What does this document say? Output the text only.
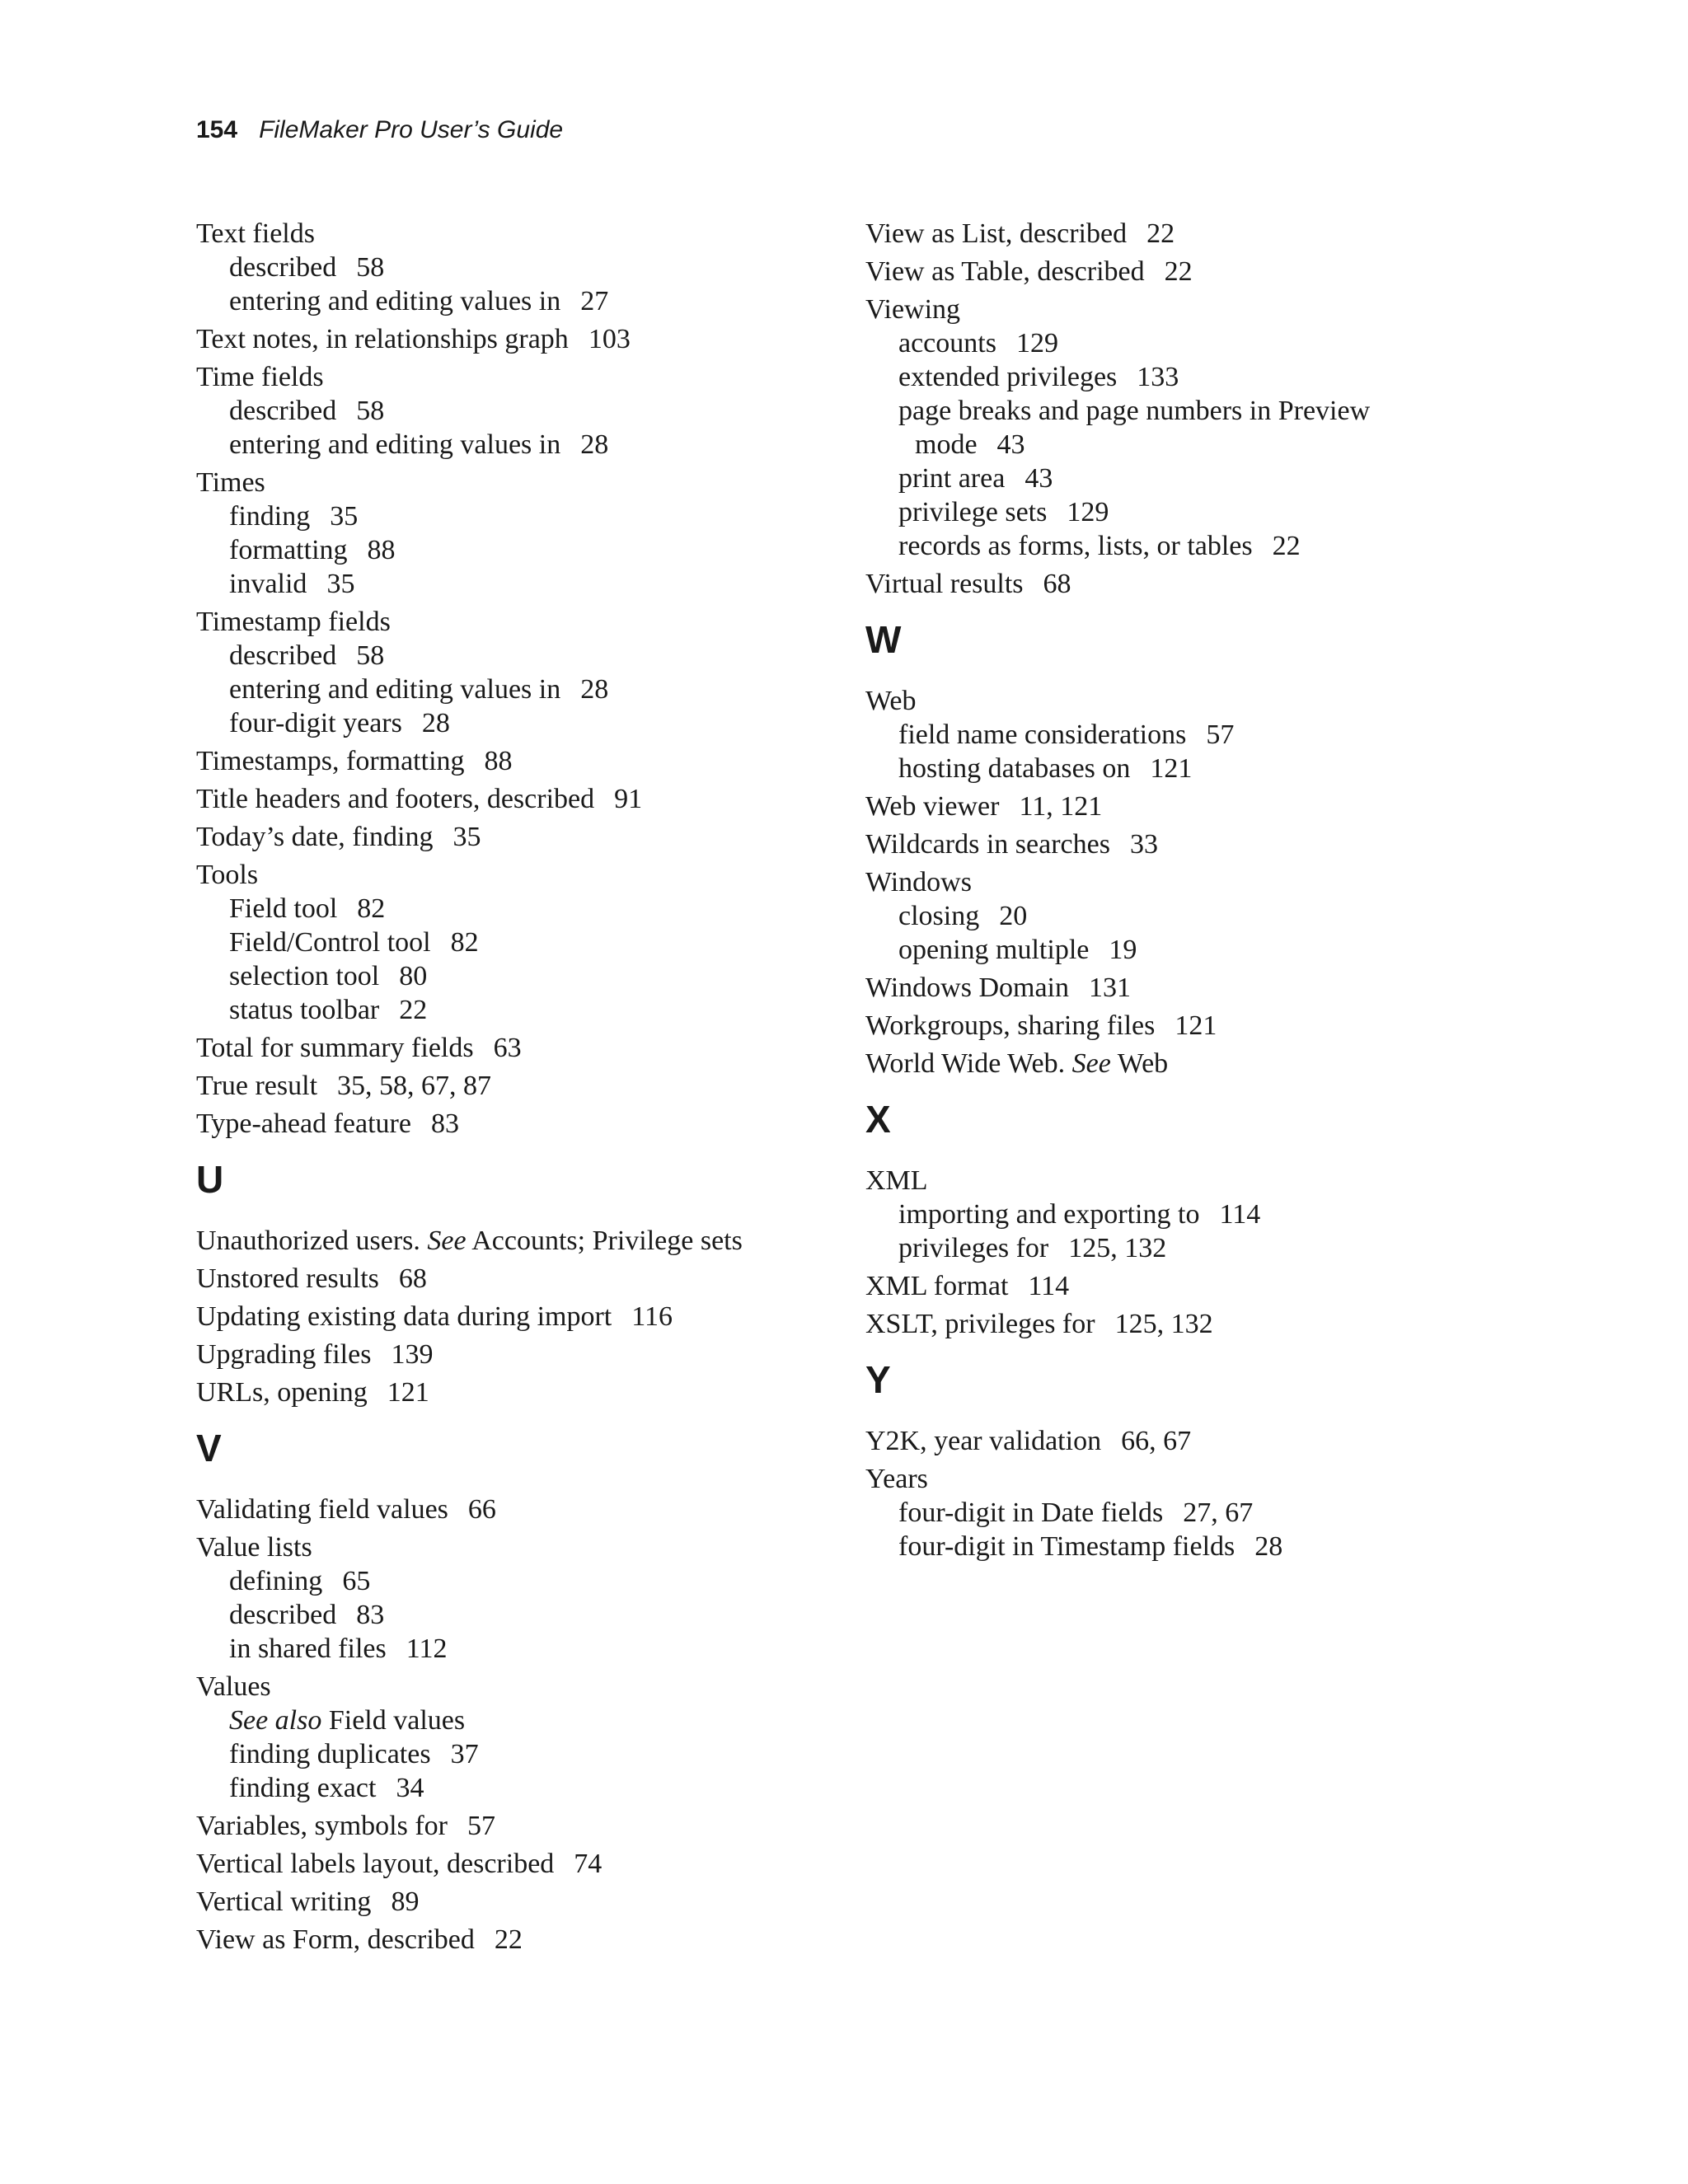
154 FileMaker Pro User’s Guide
Text fields
described 58
entering and editing values in 27
Text notes, in relationships graph 103
Time fields
described 58
entering and editing values in 28
Times
finding 35
formatting 88
invalid 35
Timestamp fields
described 58
entering and editing values in 28
four-digit years 28
Timestamps, formatting 88
Title headers and footers, described 91
Today’s date, finding 35
Tools
Field tool 82
Field/Control tool 82
selection tool 80
status toolbar 22
Total for summary fields 63
True result 35, 58, 67, 87
Type-ahead feature 83
U
Unauthorized users. See Accounts; Privilege sets
Unstored results 68
Updating existing data during import 116
Upgrading files 139
URLs, opening 121
V
Validating field values 66
Value lists
defining 65
described 83
in shared files 112
Values
See also Field values
finding duplicates 37
finding exact 34
Variables, symbols for 57
Vertical labels layout, described 74
Vertical writing 89
View as Form, described 22
View as List, described 22
View as Table, described 22
Viewing
accounts 129
extended privileges 133
page breaks and page numbers in Preview
mode 43
print area 43
privilege sets 129
records as forms, lists, or tables 22
Virtual results 68
W
Web
field name considerations 57
hosting databases on 121
Web viewer 11, 121
Wildcards in searches 33
Windows
closing 20
opening multiple 19
Windows Domain 131
Workgroups, sharing files 121
World Wide Web. See Web
X
XML
importing and exporting to 114
privileges for 125, 132
XML format 114
XSLT, privileges for 125, 132
Y
Y2K, year validation 66, 67
Years
four-digit in Date fields 27, 67
four-digit in Timestamp fields 28
